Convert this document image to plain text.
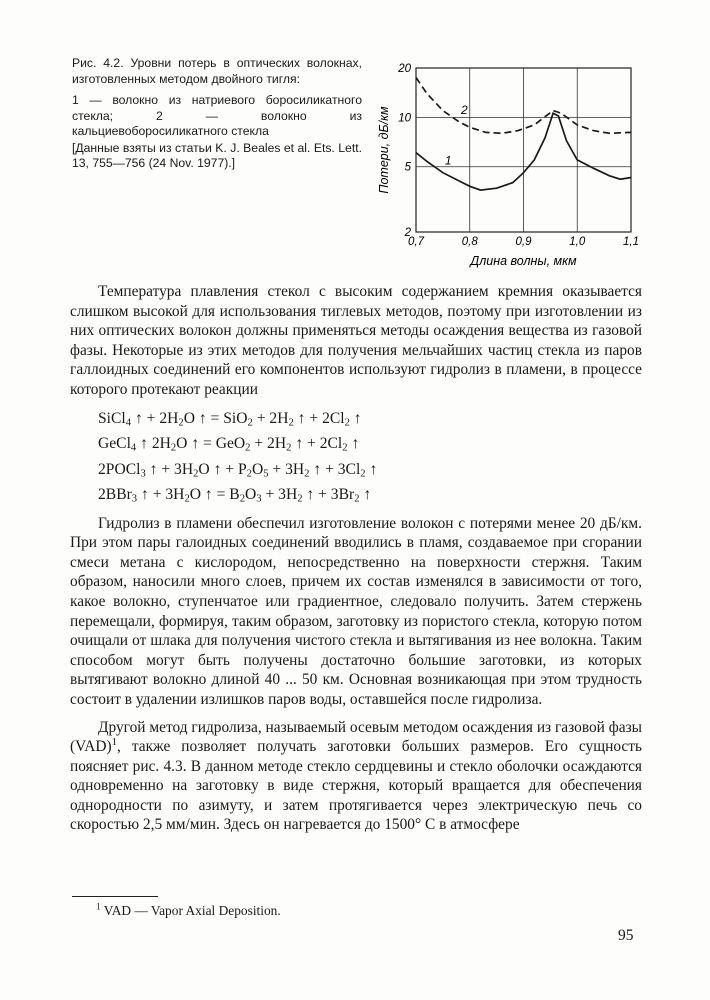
Рис. 4.2. Уровни потерь в оптических волокнах, изготовленных методом двойного тигля:

1 — волокно из натриевого боросиликатного стекла; 2 — волокно из кальциевоборосиликатного стекла

[Данные взяты из статьи K. J. Beales et al. Ets. Lett. 13, 755—756 (24 Nov. 1977).]	1
2
0,7	0,8	0,9	1,0	1,1
2
5
10
20
Длина волны, мкм
Потери, дБ/км

Температура плавления стекол с высоким содержанием кремния оказывается слишком высокой для использования тиглевых методов, поэтому при изготовлении из них оптических волокон должны применяться методы осаждения вещества из газовой фазы. Некоторые из этих методов для получения мельчайших частиц стекла из паров галлоидных соединений его компонентов используют гидролиз в пламени, в процессе которого протекают реакции

SiCl$_4$ ↑ + $2H_2O$ ↑ = $SiO_2 + 2H_2$ ↑ + $2Cl_2$ ↑
GeCl$_4$ ↑ $2H_2O$ ↑ = $GeO_2 + 2H_2$ ↑ + $2Cl_2$ ↑
2POCl$_3$ ↑ + $3H_2O$ ↑ + $P_2O_5 + 3H_2$ ↑ + $3Cl_2$ ↑
2BBr$_3$ ↑ + $3H_2O$ ↑ = $B_2O_3 + 3H_2$ ↑ + $3Br_2$ ↑

Гидролиз в пламени обеспечил изготовление волокон с потерями менее 20 дБ/км. При этом пары галоидных соединений вводились в пламя, создаваемое при сгорании смеси метана с кислородом, непосредственно на поверхности стержня. Таким образом, наносили много слоев, причем их состав изменялся в зависимости от того, какое волокно, ступенчатое или градиентное, следовало получить. Затем стержень перемещали, формируя, таким образом, заготовку из пористого стекла, которую потом очищали от шлака для получения чистого стекла и вытягивания из нее волокна. Таким способом могут быть получены достаточно большие заготовки, из которых вытягивают волокно длиной 40 ... 50 км. Основная возникающая при этом трудность состоит в удалении излишков паров воды, оставшейся после гидролиза.

Другой метод гидролиза, называемый осевым методом осаждения из газовой фазы (VAD)$^1$, также позволяет получать заготовки больших размеров. Его сущность поясняет рис. 4.3. В данном методе стекло сердцевины и стекло оболочки осаждаются одновременно на заготовку в виде стержня, который вращается для обеспечения однородности по азимуту, и затем протягивается через электрическую печь со скоростью 2,5 мм/мин. Здесь он нагревается до 1500° С в атмосфере

$^1$ VAD — Vapor Axial Deposition.
95
